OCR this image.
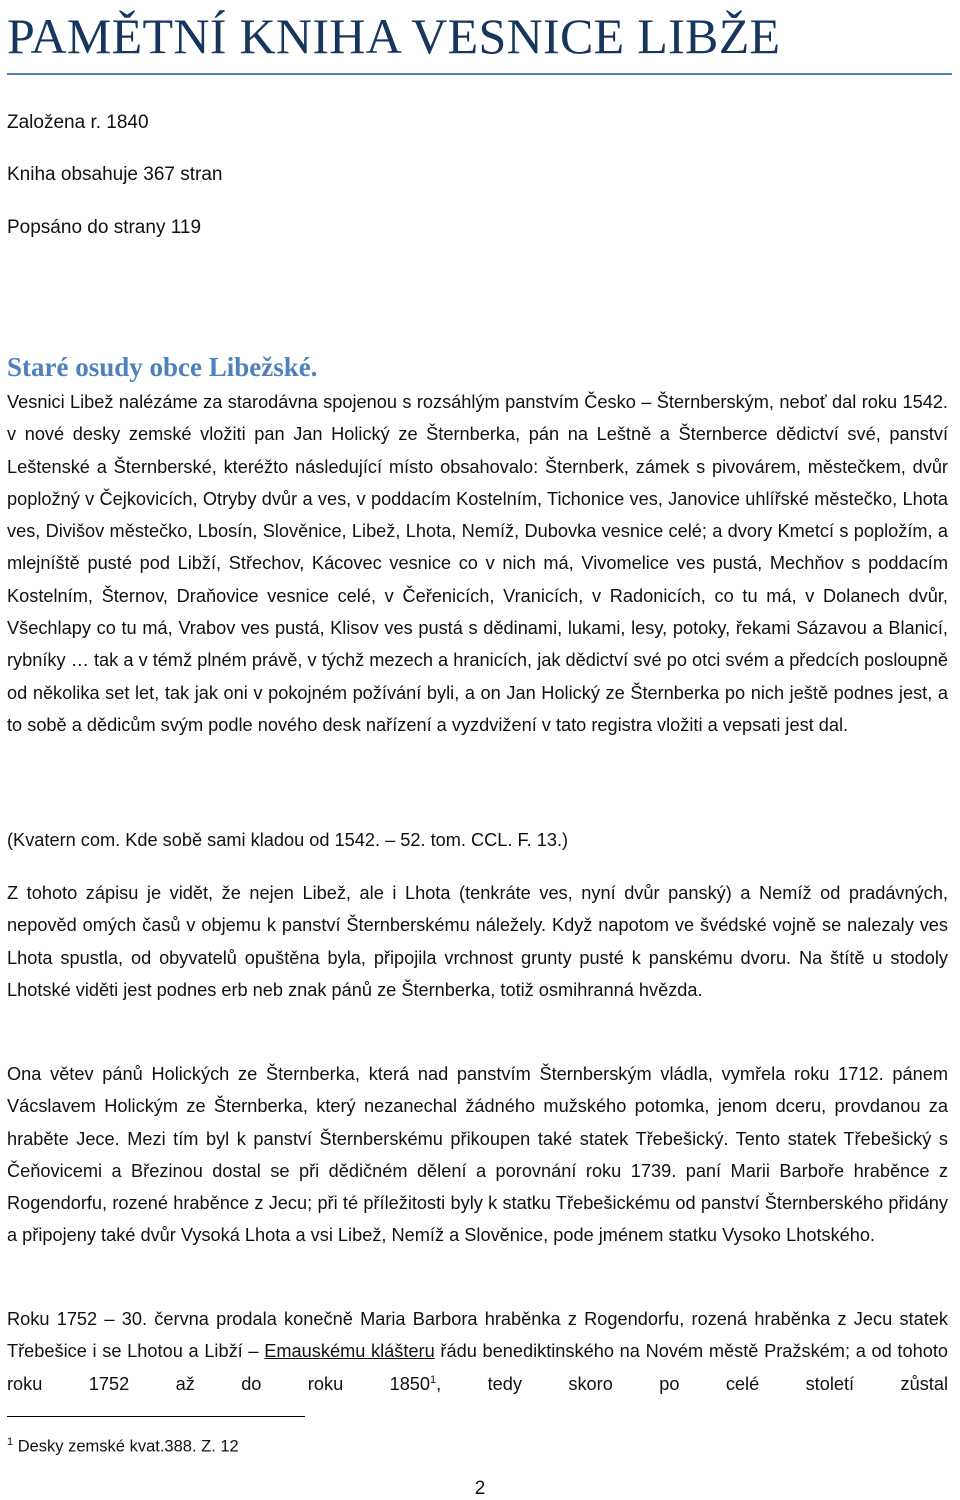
PAMĚTNÍ KNIHA VESNICE LIBŽE

Založena r. 1840

Kniha obsahuje 367 stran

Popsáno do strany 119

Staré osudy obce Libežské.

Vesnici Libež nalézáme za starodávna spojenou s rozsáhlým panstvím Česko – Šternberským, neboť dal roku 1542. v nové desky zemské vložiti pan Jan Holický ze Šternberka, pán na Leštně a Šternberce dědictví své, panství Leštenské a Šternberské, kteréžto následující místo obsahovalo: Šternberk, zámek s pivovárem, městečkem, dvůr popložný v Čejkovicích, Otryby dvůr a ves, v poddacím Kostelním, Tichonice ves, Janovice uhlířské městečko, Lhota ves, Divišov městečko, Lbosín, Slověnice, Libež, Lhota, Nemíž, Dubovka vesnice celé; a dvory Kmetcí s popložím, a mlejníště pusté pod Libží, Střechov, Kácovec vesnice co v nich má, Vivomelice ves pustá, Mechňov s poddacím Kostelním, Šternov, Draňovice vesnice celé, v Čeřenicích, Vranicích, v Radonicích, co tu má, v Dolanech dvůr, Všechlapy co tu má, Vrabov ves pustá, Klisov ves pustá s dědinami, lukami, lesy, potoky, řekami Sázavou a Blanicí, rybníky … tak a v témž plném právě, v týchž mezech a hranicích, jak dědictví své po otci svém a předcích posloupně od několika set let, tak jak oni v pokojném požívání byli, a on Jan Holický ze Šternberka po nich ještě podnes jest, a to sobě a dědicům svým podle nového desk nařízení a vyzdvižení v tato registra vložiti a vepsati jest dal.

(Kvatern com. Kde sobě sami kladou od 1542. – 52. tom. CCL. F. 13.)

Z tohoto zápisu je vidět, že nejen Libež, ale i Lhota (tenkráte ves, nyní dvůr panský) a Nemíž od pradávných, nepověd omých časů v objemu k panství Šternberskému náležely. Když napotom ve švédské vojně se nalezaly ves Lhota spustla, od obyvatelů opuštěna byla, připojila vrchnost grunty pusté k panskému dvoru. Na štítě u stodoly Lhotské viděti jest podnes erb neb znak pánů ze Šternberka, totiž osmihranná hvězda.

Ona větev pánů Holických ze Šternberka, která nad panstvím Šternberským vládla, vymřela roku 1712. pánem Vácslavem Holickým ze Šternberka, který nezanechal žádného mužského potomka, jenom dceru, provdanou za hraběte Jece. Mezi tím byl k panství Šternberskému přikoupen také statek Třebešický. Tento statek Třebešický s Čeňovicemi a Březinou dostal se při dědičném dělení a porovnání roku 1739. paní Marii Barboře hraběnce z Rogendorfu, rozené hraběnce z Jecu; při té příležitosti byly k statku Třebešickému od panství Šternberského přidány a připojeny také dvůr Vysoká Lhota a vsi Libež, Nemíž a Slověnice, pode jménem statku Vysoko Lhotského.

Roku 1752 – 30. června prodala konečně Maria Barbora hraběnka z Rogendorfu, rozená hraběnka z Jecu statek Třebešice i se Lhotou a Libží – Emauskému klášteru řádu benediktinského na Novém městě Pražském; a od tohoto roku 1752 až do roku 1850$^1$, tedy skoro po celé století zůstal

$^1$ Desky zemské kvat.388. Z. 12

2
